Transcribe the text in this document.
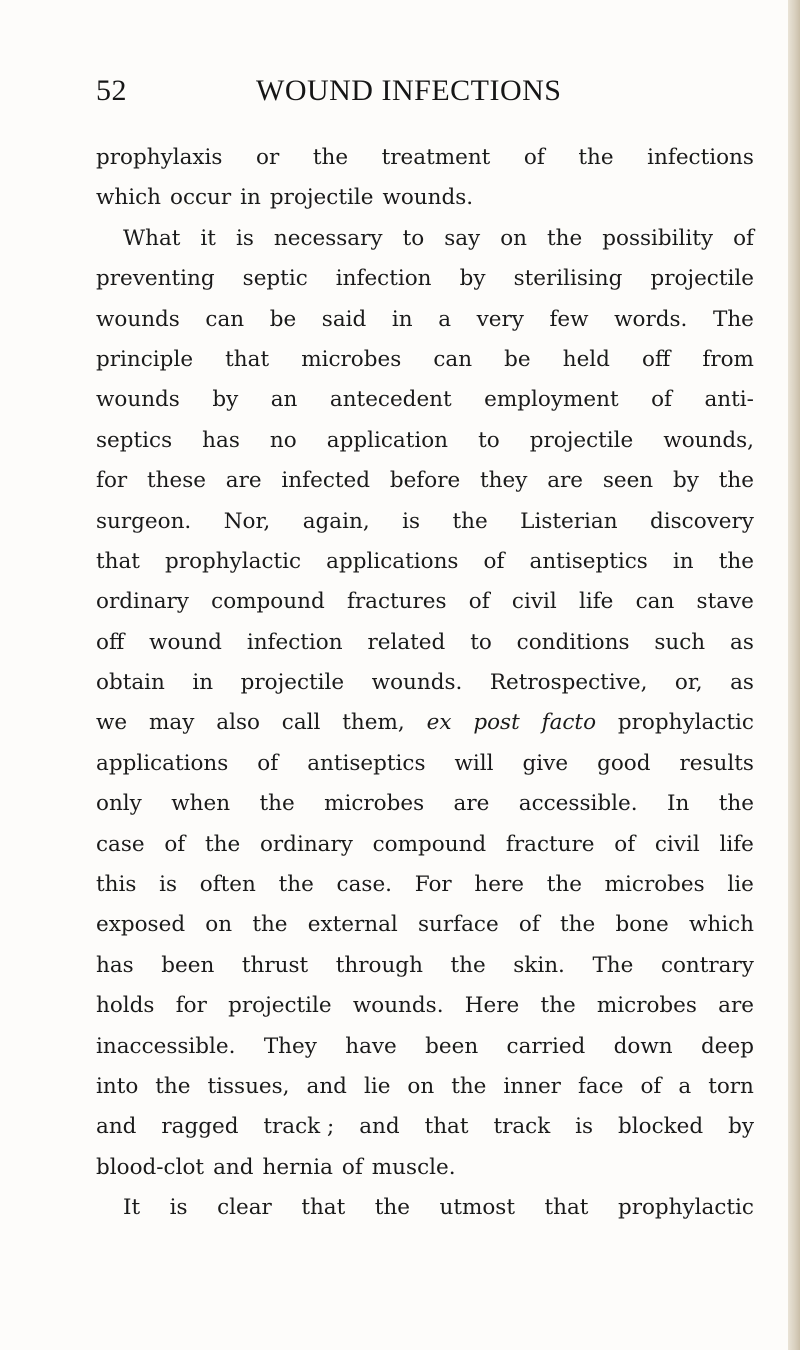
52	WOUND INFECTIONS
prophylaxis or the treatment of the infections
which occur in projectile wounds.
What it is necessary to say on the possibility of
preventing septic infection by sterilising projectile
wounds can be said in a very few words. The
principle that microbes can be held off from
wounds by an antecedent employment of anti-
septics has no application to projectile wounds,
for these are infected before they are seen by the
surgeon. Nor, again, is the Listerian discovery
that prophylactic applications of antiseptics in the
ordinary compound fractures of civil life can stave
off wound infection related to conditions such as
obtain in projectile wounds. Retrospective, or, as
we may also call them, ex post facto prophylactic
applications of antiseptics will give good results
only when the microbes are accessible. In the
case of the ordinary compound fracture of civil life
this is often the case. For here the microbes lie
exposed on the external surface of the bone which
has been thrust through the skin. The contrary
holds for projectile wounds. Here the microbes are
inaccessible. They have been carried down deep
into the tissues, and lie on the inner face of a torn
and ragged track ; and that track is blocked by
blood-clot and hernia of muscle.
It is clear that the utmost that prophylactic
